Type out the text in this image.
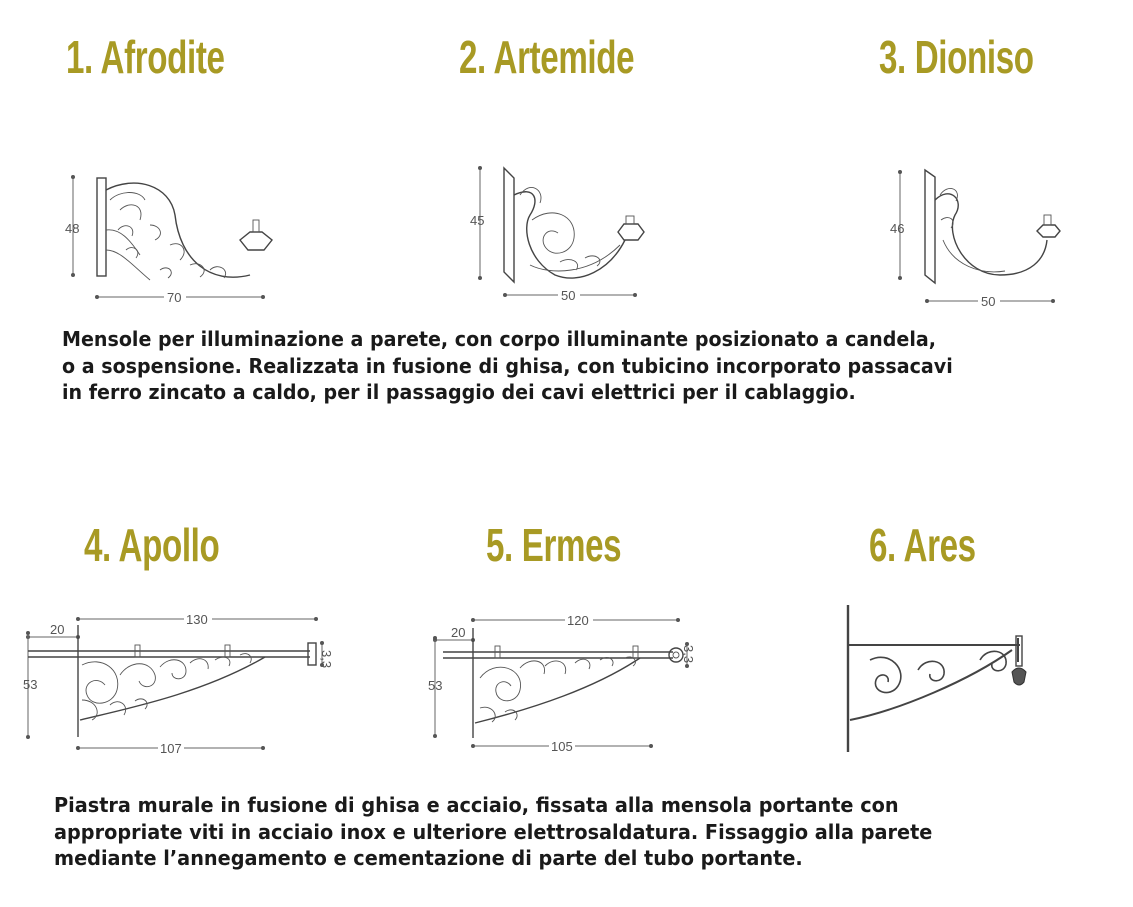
1. Afrodite	2. Artemide	3. Dioniso
48
70
45
50
46
50
Mensole per illuminazione a parete, con corpo illuminante posizionato a candela,
o a sospensione. Realizzata in fusione di ghisa, con tubicino incorporato passacavi
in ferro zincato a caldo, per il passaggio dei cavi elettrici per il cablaggio.
4. Apollo	5. Ermes	6. Ares
130
20
53
3,3
107
120
20
53
3,3
105
Piastra murale in fusione di ghisa e acciaio, fissata alla mensola portante con
appropriate viti in acciaio inox e ulteriore elettrosaldatura. Fissaggio alla parete
mediante l’annegamento e cementazione di parte del tubo portante.
